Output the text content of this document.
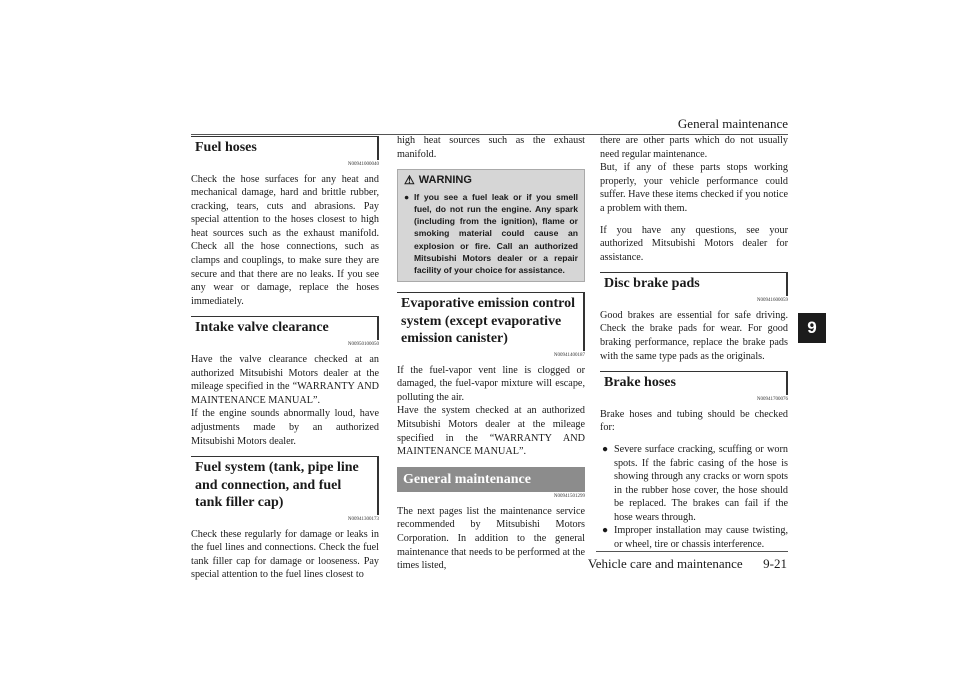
General maintenance
9
Fuel hoses
N00941000040

Check the hose surfaces for any heat and mechanical damage, hard and brittle rubber, cracking, tears, cuts and abrasions. Pay special attention to the hoses closest to high heat sources such as the exhaust manifold. Check all the hose connections, such as clamps and couplings, to make sure they are secure and that there are no leaks. If you see any wear or damage, replace the hoses immediately.

Intake valve clearance
N00950100050

Have the valve clearance checked at an authorized Mitsubishi Motors dealer at the mileage specified in the “WARRANTY AND MAINTENANCE MANUAL”.

If the engine sounds abnormally loud, have adjustments made by an authorized Mitsubishi Motors dealer.

Fuel system (tank, pipe line and connection, and fuel tank filler cap)
N00941300173

Check these regularly for damage or leaks in the fuel lines and connections. Check the fuel tank filler cap for damage or looseness. Pay special attention to the fuel lines closest to

high heat sources such as the exhaust manifold.

⚠ WARNING
● If you see a fuel leak or if you smell fuel, do not run the engine. Any spark (including from the ignition), flame or smoking material could cause an explosion or fire. Call an authorized Mitsubishi Motors dealer or a repair facility of your choice for assistance.
Evaporative emission control system (except evaporative emission canister)
N00941400187

If the fuel-vapor vent line is clogged or damaged, the fuel-vapor mixture will escape, polluting the air.

Have the system checked at an authorized Mitsubishi Motors dealer at the mileage specified in the “WARRANTY AND MAINTENANCE MANUAL”.

General maintenance
N00941501299

The next pages list the maintenance service recommended by Mitsubishi Motors Corporation. In addition to the general maintenance that needs to be performed at the times listed,

there are other parts which do not usually need regular maintenance.

But, if any of these parts stops working properly, your vehicle performance could suffer. Have these items checked if you notice a problem with them.

If you have any questions, see your authorized Mitsubishi Motors dealer for assistance.

Disc brake pads
N00941600059

Good brakes are essential for safe driving. Check the brake pads for wear. For good braking performance, replace the brake pads with the same type pads as the originals.

Brake hoses
N00941700076

Brake hoses and tubing should be checked for:

● Severe surface cracking, scuffing or worn spots. If the fabric casing of the hose is showing through any cracks or worn spots in the rubber hose cover, the hose should be replaced. The brakes can fail if the hose wears through.
● Improper installation may cause twisting, or wheel, tire or chassis interference.
Vehicle care and maintenance 9-21
